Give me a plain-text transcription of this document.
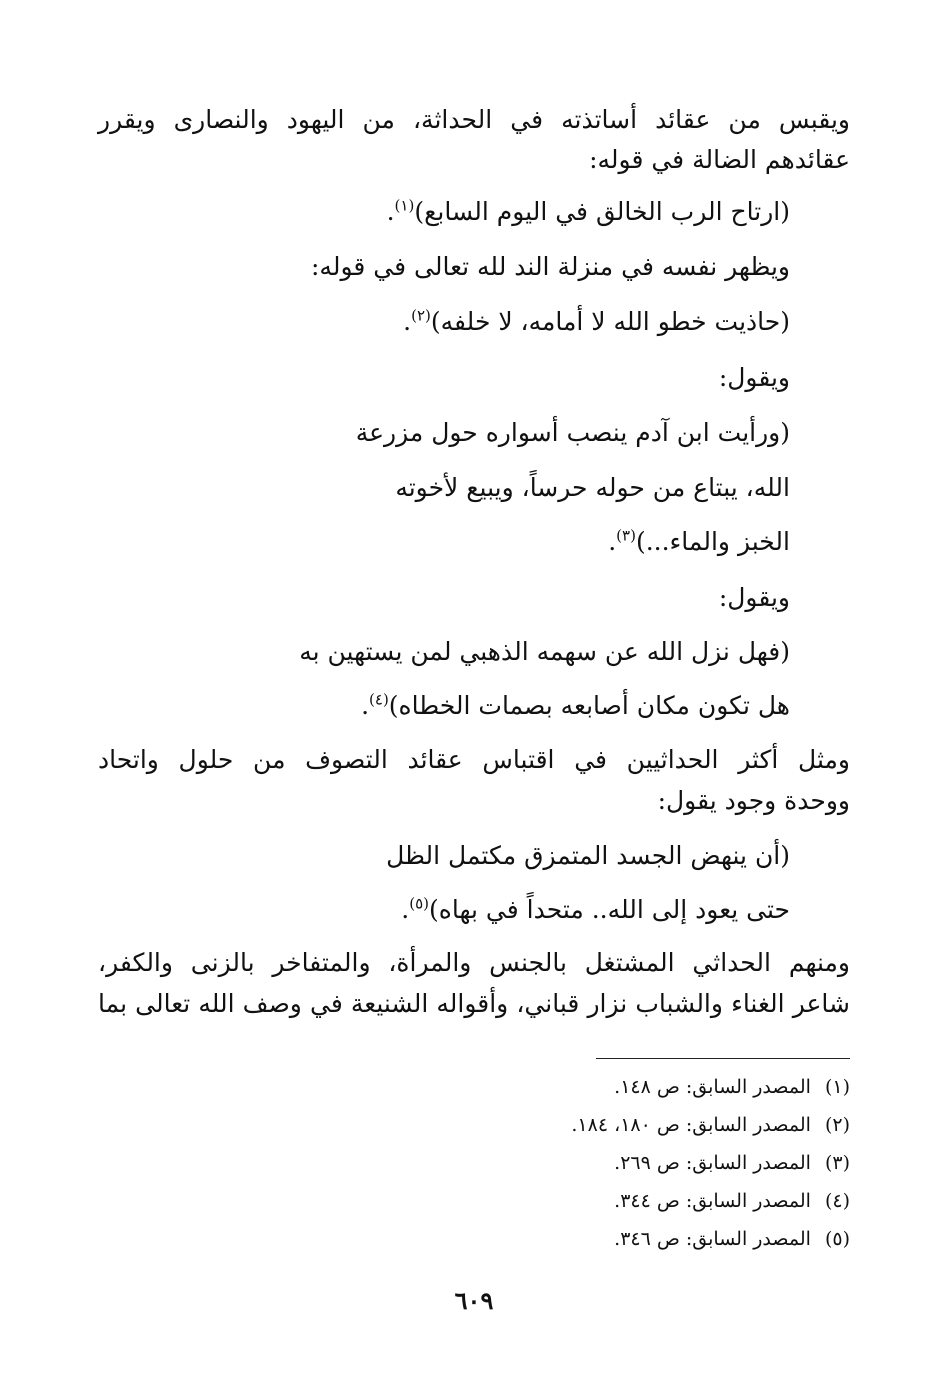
ويقبس من عقائد أساتذته في الحداثة، من اليهود والنصارى ويقرر
عقائدهم الضالة في قوله:
(ارتاح الرب الخالق في اليوم السابع)$^{(١)}$.
ويظهر نفسه في منزلة الند لله تعالى في قوله:
(حاذيت خطو الله لا أمامه، لا خلفه)$^{(٢)}$.
ويقول:
(ورأيت ابن آدم ينصب أسواره حول مزرعة
الله، يبتاع من حوله حرساً، ويبيع لأخوته
الخبز والماء...)$^{(٣)}$.
ويقول:
(فهل نزل الله عن سهمه الذهبي لمن يستهين به
هل تكون مكان أصابعه بصمات الخطاه)$^{(٤)}$.
ومثل أكثر الحداثيين في اقتباس عقائد التصوف من حلول واتحاد
ووحدة وجود يقول:
(أن ينهض الجسد المتمزق مكتمل الظل
حتى يعود إلى الله.. متحداً في بهاه)$^{(٥)}$.
ومنهم الحداثي المشتغل بالجنس والمرأة، والمتفاخر بالزنى والكفر،
شاعر الغناء والشباب نزار قباني، وأقواله الشنيعة في وصف الله تعالى بما
(١)المصدر السابق: ص ١٤٨.
(٢)المصدر السابق: ص ١٨٠، ١٨٤.
(٣)المصدر السابق: ص ٢٦٩.
(٤)المصدر السابق: ص ٣٤٤.
(٥)المصدر السابق: ص ٣٤٦.
٦٠٩
